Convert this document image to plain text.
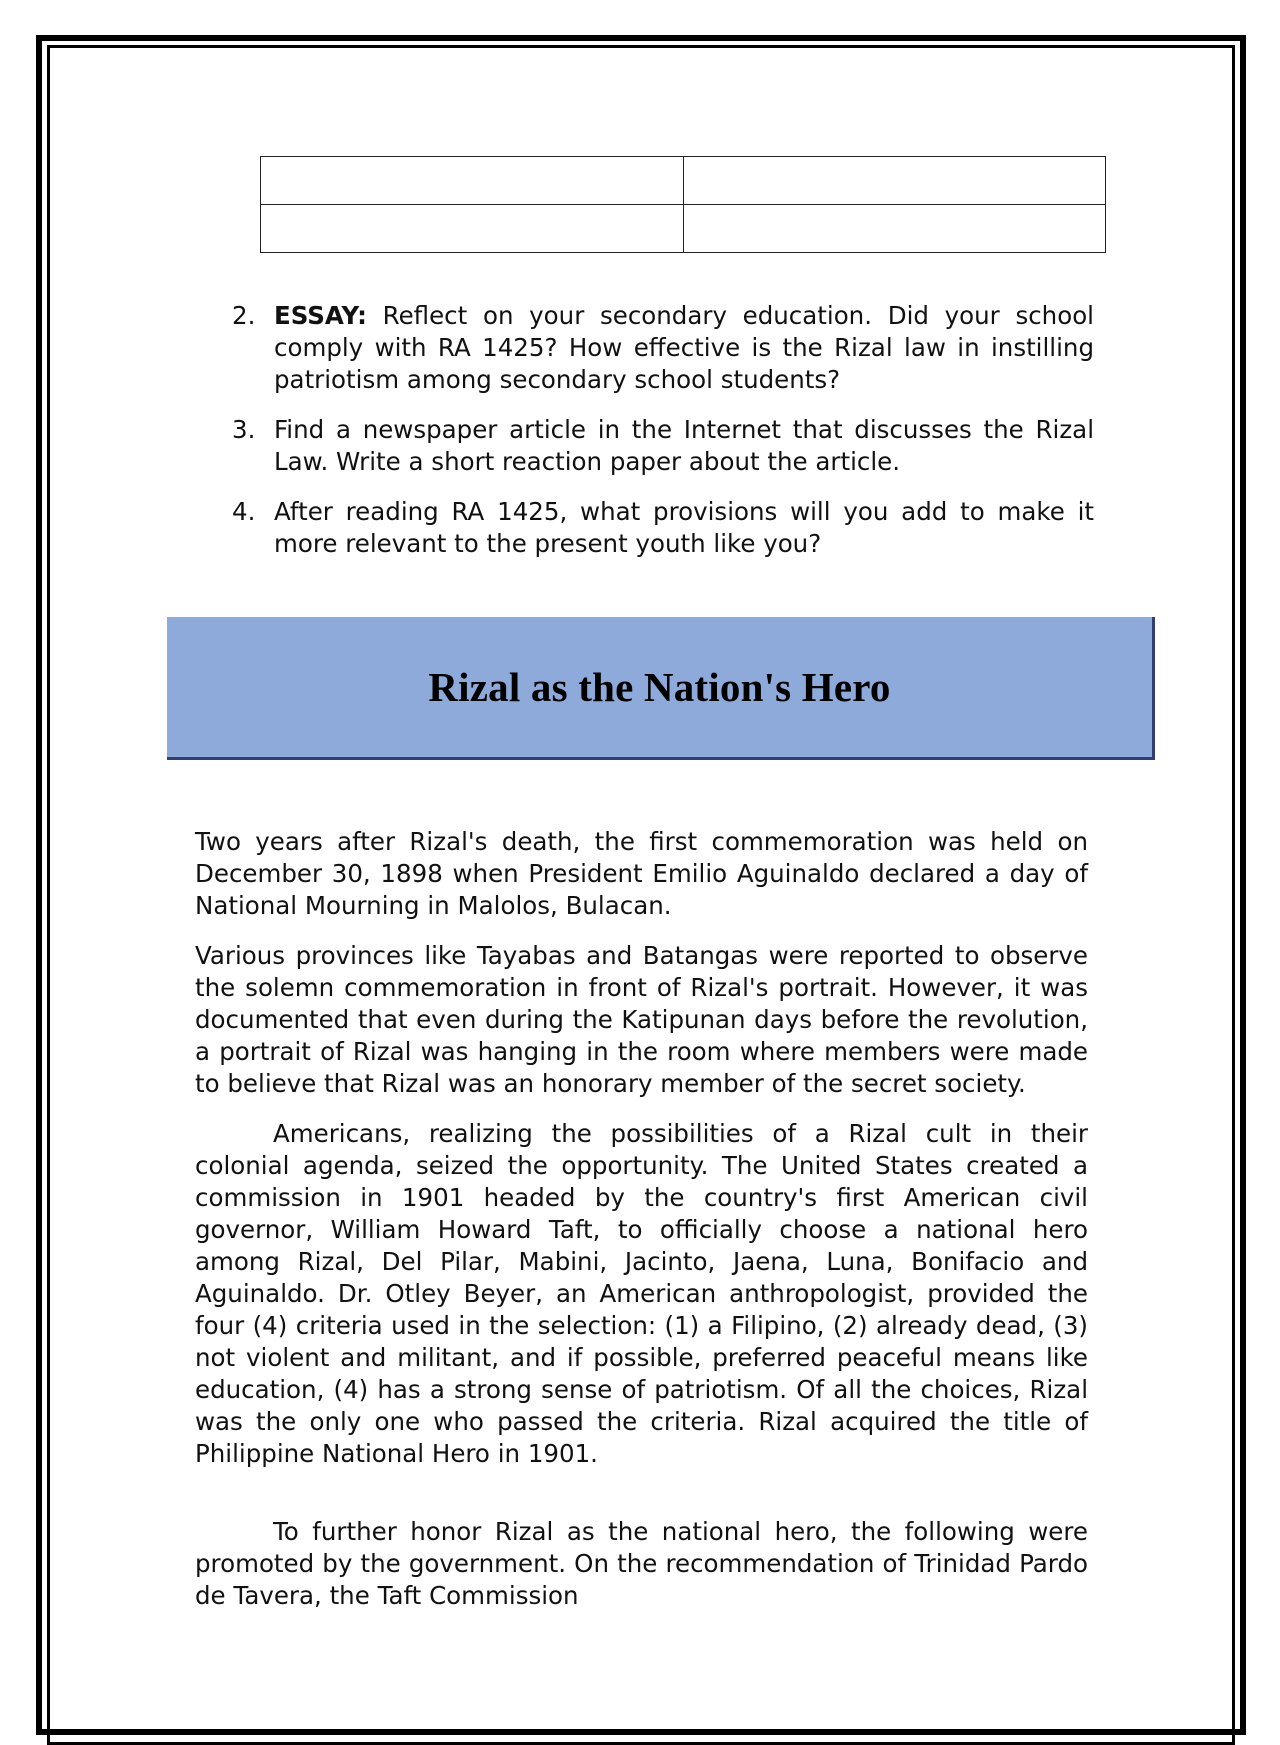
2. ESSAY: Reflect on your secondary education. Did your school comply with RA 1425? How effective is the Rizal law in instilling patriotism among secondary school students?
3. Find a newspaper article in the Internet that discusses the Rizal Law. Write a short reaction paper about the article.
4. After reading RA 1425, what provisions will you add to make it more relevant to the present youth like you?
Rizal as the Nation's Hero

Two years after Rizal's death, the first commemoration was held on December 30, 1898 when President Emilio Aguinaldo declared a day of National Mourning in Malolos, Bulacan.

Various provinces like Tayabas and Batangas were reported to observe the solemn commemoration in front of Rizal's portrait. However, it was documented that even during the Katipunan days before the revolution, a portrait of Rizal was hanging in the room where members were made to believe that Rizal was an honorary member of the secret society.

Americans, realizing the possibilities of a Rizal cult in their colonial agenda, seized the opportunity. The United States created a commission in 1901 headed by the country's first American civil governor, William Howard Taft, to officially choose a national hero among Rizal, Del Pilar, Mabini, Jacinto, Jaena, Luna, Bonifacio and Aguinaldo. Dr. Otley Beyer, an American anthropologist, provided the four (4) criteria used in the selection: (1) a Filipino, (2) already dead, (3) not violent and militant, and if possible, preferred peaceful means like education, (4) has a strong sense of patriotism. Of all the choices, Rizal was the only one who passed the criteria. Rizal acquired the title of Philippine National Hero in 1901.

To further honor Rizal as the national hero, the following were promoted by the government. On the recommendation of Trinidad Pardo de Tavera, the Taft Commission
